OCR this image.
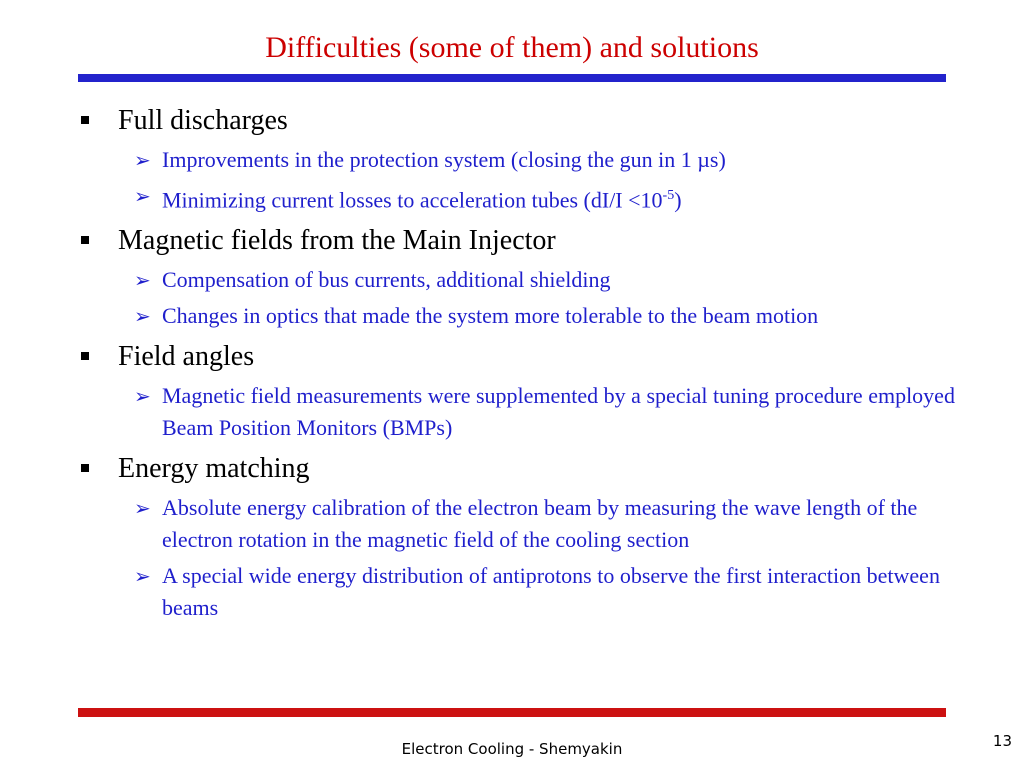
Difficulties (some of them) and solutions
Full discharges
➢ Improvements in the protection system (closing the gun in 1 µs)
➢ Minimizing current losses to acceleration tubes $(dI/I <10^{-5})$
Magnetic fields from the Main Injector
➢ Compensation of bus currents, additional shielding
➢ Changes in optics that made the system more tolerable to the beam motion
Field angles
➢ Magnetic field measurements were supplemented by a special tuning procedure employed Beam Position Monitors (BMPs)
Energy matching
➢ Absolute energy calibration of the electron beam by measuring the wave length of the electron rotation in the magnetic field of the cooling section
➢ A special wide energy distribution of antiprotons to observe the first interaction between beams
Electron Cooling - Shemyakin	13
